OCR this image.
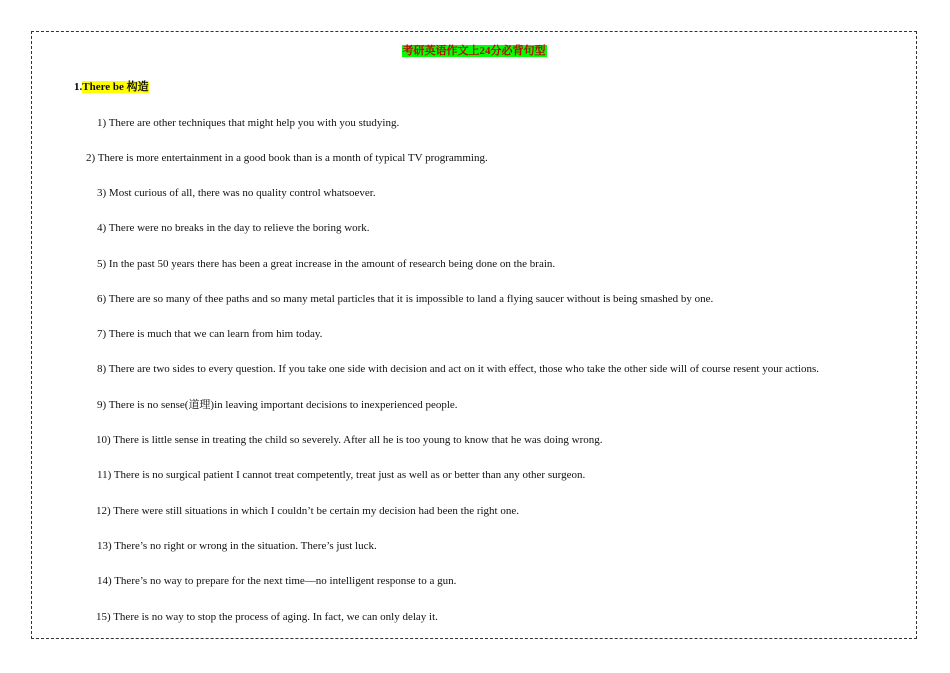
考研英语作文上24分必背句型
1.There be 构造
1) There are other techniques that might help you with you studying.
2) There is more entertainment in a good book than is a month of typical TV programming.
3) Most curious of all, there was no quality control whatsoever.
4) There were no breaks in the day to relieve the boring work.
5) In the past 50 years there has been a great increase in the amount of research being done on the brain.
6) There are so many of thee paths and so many metal particles that it is impossible to land a flying saucer without is being smashed by one.
7) There is much that we can learn from him today.
8) There are two sides to every question. If you take one side with decision and act on it with effect, those who take the other side will of course resent your actions.
9) There is no sense(道理)in leaving important decisions to inexperienced people.
10) There is little sense in treating the child so severely. After all he is too young to know that he was doing wrong.
11) There is no surgical patient I cannot treat competently, treat just as well as or better than any other surgeon.
12) There were still situations in which I couldn’t be certain my decision had been the right one.
13) There’s no right or wrong in the situation. There’s just luck.
14) There’s no way to prepare for the next time—no intelligent response to a gun.
15) There is no way to stop the process of aging. In fact, we can only delay it.
